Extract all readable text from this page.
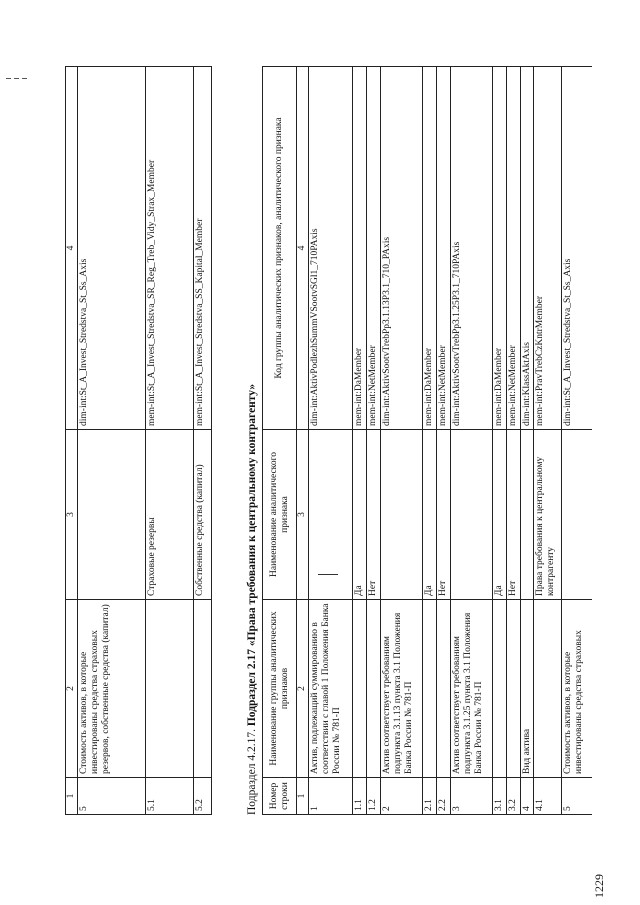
1	2	3	4
5	Стоимость активов, в которые инвестированы средства страховых резервов, собственные средства (капитал)		dim-int:St_A_Invest_Stredstva_St_Ss_Axis
5.1		Страховые резервы	mem-int:St_A_Invest_Stredstva_SR_Reg_Treb_Vidy_Strax_Member
5.2		Собственные средства (капитал)	mem-int:St_A_Invest_Stredstva_SS_Kapital_Member
Подраздел 4.2.17. Подраздел 2.17 «Права требования к центральному контрагенту»
Номер строки	Наименование группы аналитических признаков	Наименование аналитического признака	Код группы аналитических признаков, аналитического признака
1	2	3	4
1	Актив, подлежащий суммированию в соответствии с главой 1 Положения Банка России № 781-П		dim-int:AktivPodlezhSummVSootvSGl1_710PAxis
1.1		Да	mem-int:DaMember
1.2		Нет	mem-int:NetMember
2	Актив соответствует требованиям подпункта 3.1.13 пункта 3.1 Положения Банка России № 781-П		dim-int:AktivSootvTrebPp3.1.13P3.1_710_PAxis
2.1		Да	mem-int:DaMember
2.2		Нет	mem-int:NetMember
3	Актив соответствует требованиям подпункта 3.1.25 пункта 3.1 Положения Банка России № 781-П		dim-int:AktivSootvTrebPp3.1.25P3.1_710PAxis
3.1		Да	mem-int:DaMember
3.2		Нет	mem-int:NetMember
4	Вид актива		dim-int:KlassAktAxis
4.1		Права требования к центральному контрагенту	mem-int:PravTrebCzKntrMember
5	Стоимость активов, в которые инвестированы средства страховых		dim-int:St_A_Invest_Stredstva_St_Ss_Axis
1229
